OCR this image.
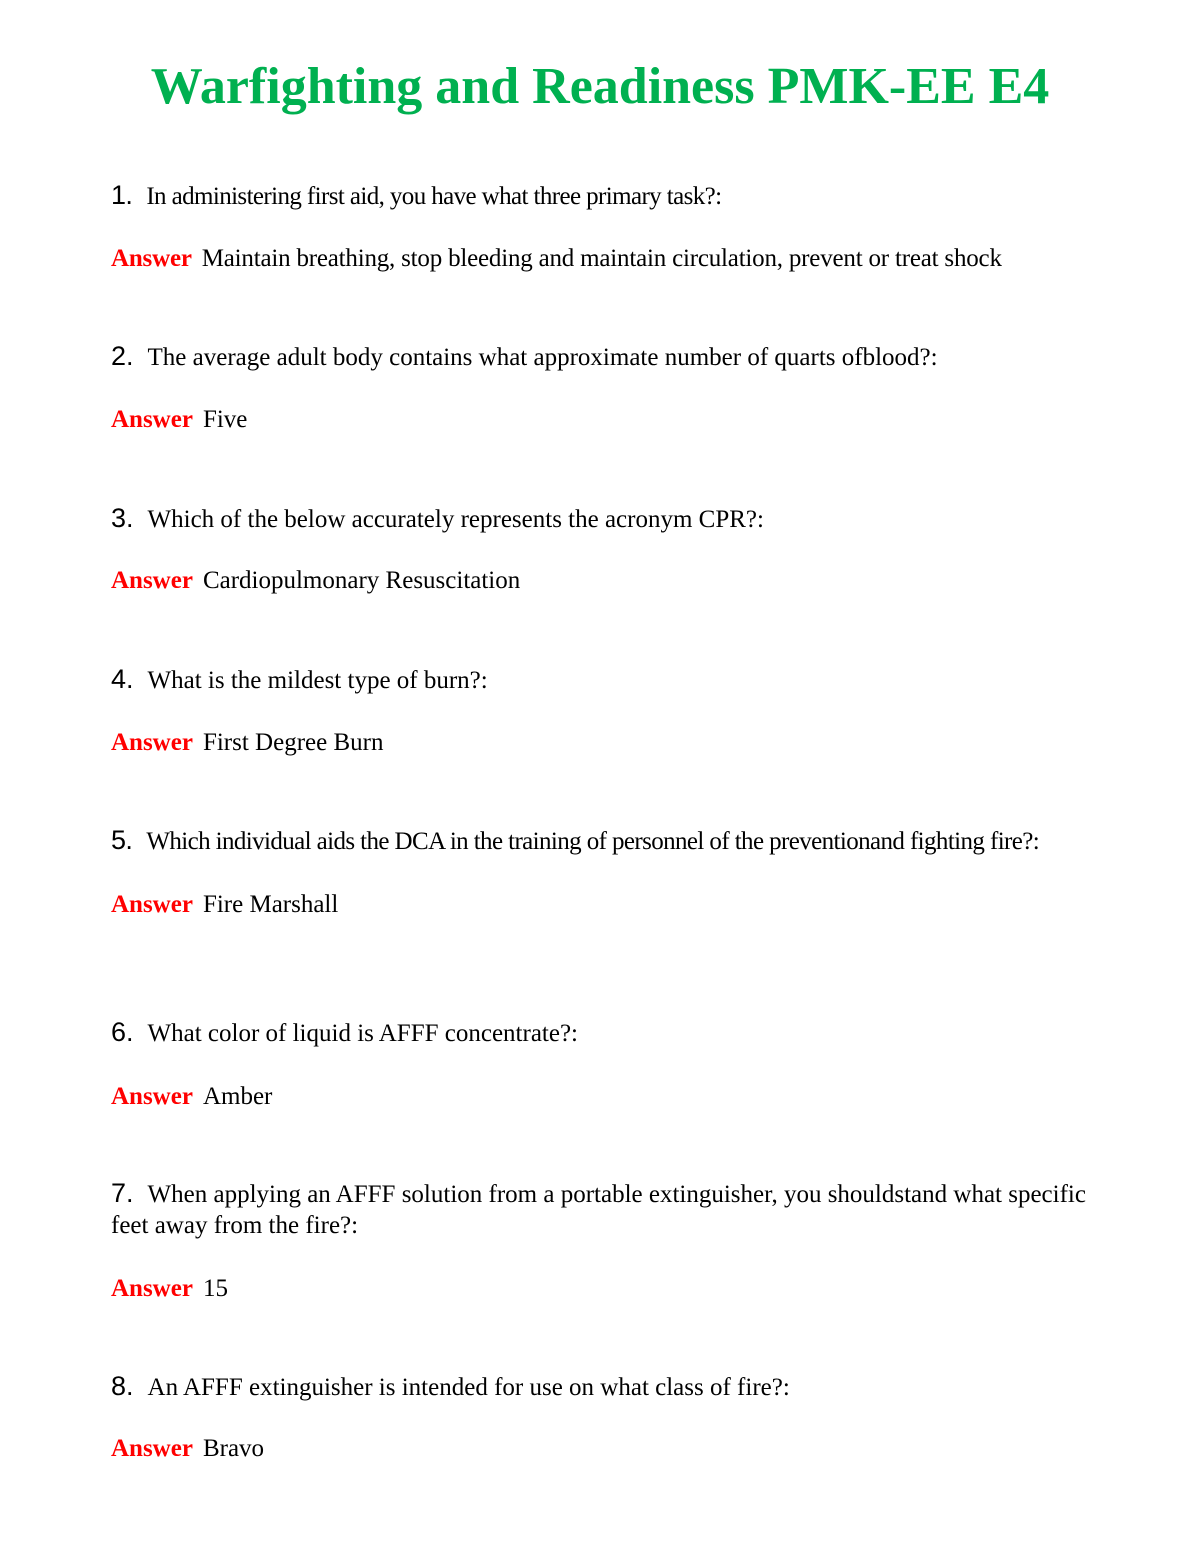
Warfighting and Readiness PMK-EE E4

1. In administering first aid, you have what three primary task?:

Answer Maintain breathing, stop bleeding and maintain circulation, prevent or treat shock

2. The average adult body contains what approximate number of quarts ofblood?:

Answer Five

3. Which of the below accurately represents the acronym CPR?:

Answer Cardiopulmonary Resuscitation

4. What is the mildest type of burn?:

Answer First Degree Burn

5. Which individual aids the DCA in the training of personnel of the preventionand fighting fire?:

Answer Fire Marshall

6. What color of liquid is AFFF concentrate?:

Answer Amber

7. When applying an AFFF solution from a portable extinguisher, you shouldstand what specific feet away from the fire?:

Answer 15

8. An AFFF extinguisher is intended for use on what class of fire?:

Answer Bravo
